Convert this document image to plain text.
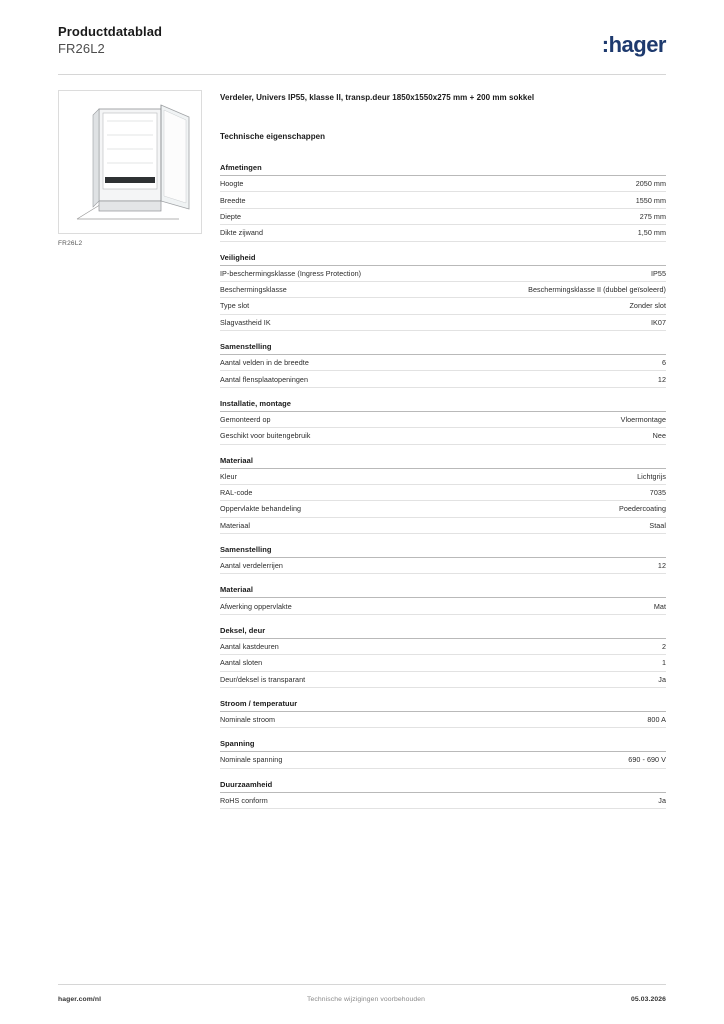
Productdatablad
FR26L2	:hager
FR26L2
Verdeler, Univers IP55, klasse II, transp.deur 1850x1550x275 mm + 200 mm sokkel
Technische eigenschappen
Afmetingen
Hoogte	2050 mm
Breedte	1550 mm
Diepte	275 mm
Dikte zijwand	1,50 mm
Veiligheid
IP-beschermingsklasse (Ingress Protection)	IP55
Beschermingsklasse	Beschermingsklasse II (dubbel geïsoleerd)
Type slot	Zonder slot
Slagvastheid IK	IK07
Samenstelling
Aantal velden in de breedte	6
Aantal flensplaatopeningen	12
Installatie, montage
Gemonteerd op	Vloermontage
Geschikt voor buitengebruik	Nee
Materiaal
Kleur	Lichtgrijs
RAL-code	7035
Oppervlakte behandeling	Poedercoating
Materiaal	Staal
Samenstelling
Aantal verdelerrijen	12
Materiaal
Afwerking oppervlakte	Mat
Deksel, deur
Aantal kastdeuren	2
Aantal sloten	1
Deur/deksel is transparant	Ja
Stroom / temperatuur
Nominale stroom	800 A
Spanning
Nominale spanning	690 - 690 V
Duurzaamheid
RoHS conform	Ja
hager.com/nl	Technische wijzigingen voorbehouden	05.03.2026
